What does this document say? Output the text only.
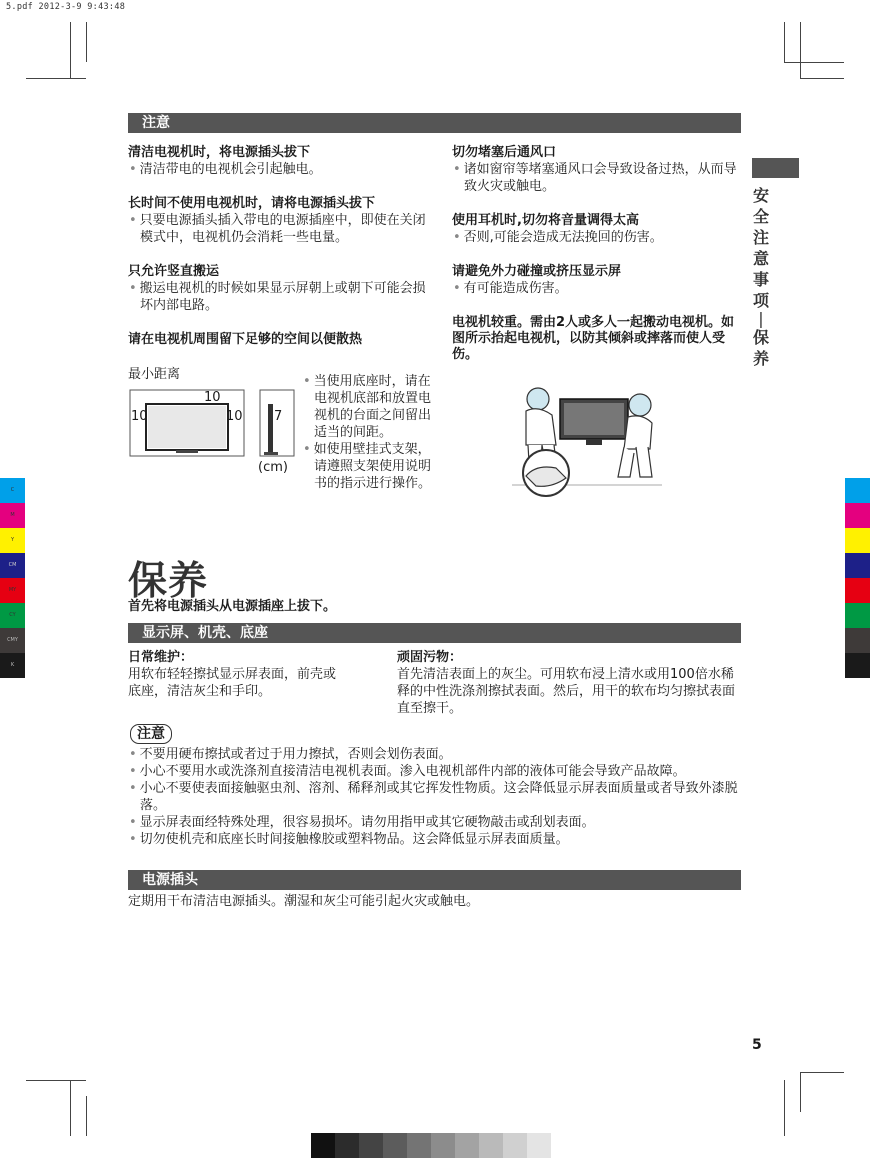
5.pdf 2012-3-9 9:43:48
注意
清洁电视机时，将电源插头拔下
• 清洁带电的电视机会引起触电。
长时间不使用电视机时，请将电源插头拔下
• 只要电源插头插入带电的电源插座中，即使在关闭模式中，电视机仍会消耗一些电量。
只允许竖直搬运
• 搬运电视机的时候如果显示屏朝上或朝下可能会损坏内部电路。
请在电视机周围留下足够的空间以便散热
最小距离
10
10	10 7
(cm)
• 当使用底座时，请在电视机底部和放置电视机的台面之间留出适当的间距。
• 如使用壁挂式支架，请遵照支架使用说明书的指示进行操作。
切勿堵塞后通风口
• 诸如窗帘等堵塞通风口会导致设备过热，从而导致火灾或触电。
使用耳机时,切勿将音量调得太高
• 否则,可能会造成无法挽回的伤害。
请避免外力碰撞或挤压显示屏
• 有可能造成伤害。
电视机较重。需由2人或多人一起搬动电视机。如图所示抬起电视机，以防其倾斜或摔落而使人受伤。
安全注意事项
|
保养
C
M
Y
CM
MY
CY
CMY
K
保养
首先将电源插头从电源插座上拔下。
显示屏、机壳、底座
日常维护：
用软布轻轻擦拭显示屏表面，前壳或底座，清洁灰尘和手印。
顽固污物：
首先清洁表面上的灰尘。可用软布浸上清水或用100倍水稀释的中性洗涤剂擦拭表面。然后，用干的软布均匀擦拭表面直至擦干。
注意
• 不要用硬布擦拭或者过于用力擦拭，否则会划伤表面。
• 小心不要用水或洗涤剂直接清洁电视机表面。渗入电视机部件内部的液体可能会导致产品故障。
• 小心不要使表面接触驱虫剂、溶剂、稀释剂或其它挥发性物质。这会降低显示屏表面质量或者导致外漆脱落。
• 显示屏表面经特殊处理，很容易损坏。请勿用指甲或其它硬物敲击或刮划表面。
• 切勿使机壳和底座长时间接触橡胶或塑料物品。这会降低显示屏表面质量。
电源插头
定期用干布清洁电源插头。潮湿和灰尘可能引起火灾或触电。
5
